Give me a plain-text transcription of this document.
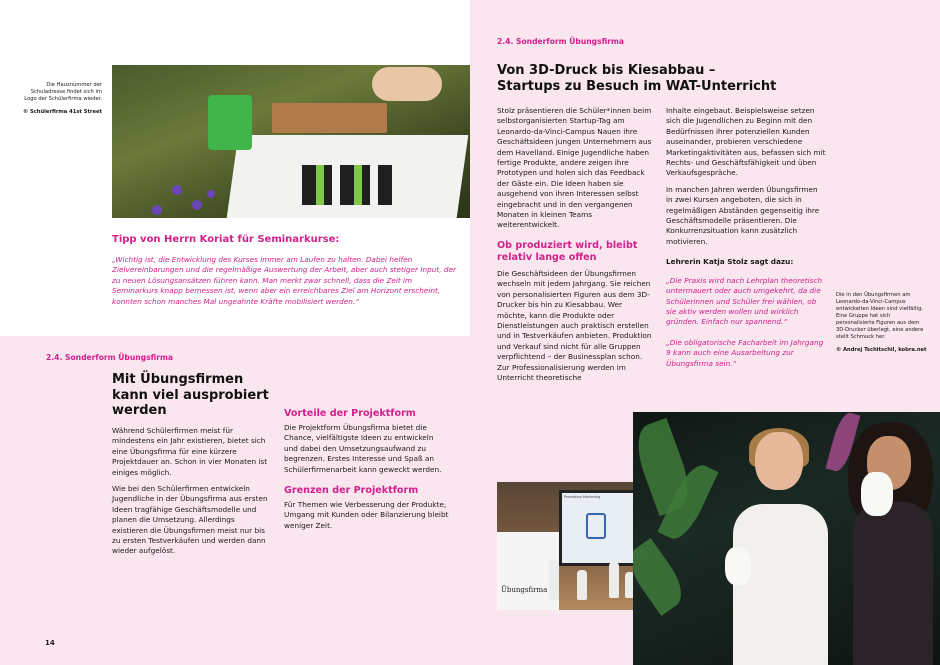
Die Hausnummer der Schuladresse findet sich im Logo der Schülerfirma wieder.
© Schülerfirma 41st Street
Tipp von Herrn Koriat für Seminarkurse:
„Wichtig ist, die Entwicklung des Kurses immer am Laufen zu halten. Dabei helfen Zielvereinbarungen und die regelmäßige Auswertung der Arbeit, aber auch stetiger Input, der zu neuen Lösungsansätzen führen kann. Man merkt zwar schnell, dass die Zeit im Seminarkurs knapp bemessen ist, wenn aber ein erreichbares Ziel am Horizont erscheint, konnten schon manches Mal ungeahnte Kräfte mobilisiert werden.“
2.4. Sonderform Übungsfirma
Mit Übungsfirmen kann viel ausprobiert werden

Während Schülerfirmen meist für mindestens ein Jahr existieren, bietet sich eine Übungsfirma für eine kürzere Projektdauer an. Schon in vier Monaten ist einiges möglich.

Wie bei den Schülerfirmen entwickeln Jugendliche in der Übungsfirma aus ersten Ideen tragfähige Geschäftsmodelle und planen die Umsetzung. Allerdings existieren die Übungsfirmen meist nur bis zu ersten Testverkäufen und werden dann wieder aufgelöst.

Vorteile der Projektform
Die Projektform Übungsfirma bietet die Chance, vielfältigste Ideen zu entwickeln und dabei den Umsetzungsaufwand zu begrenzen. Erstes Interesse und Spaß an Schülerfirmenarbeit kann geweckt werden.
Grenzen der Projektform
Für Themen wie Verbesserung der Produkte, Umgang mit Kunden oder Bilanzierung bleibt weniger Zeit.
14
2.4. Sonderform Übungsfirma
Von 3D-Druck bis Kiesabbau –
Startups zu Besuch im WAT-Unterricht
Stolz präsentieren die Schüler*innen beim selbstorganisierten Startup-Tag am Leonardo-da-Vinci-Campus Nauen ihre Geschäftsideen jungen Unternehmern aus dem Havelland. Einige Jugendliche haben fertige Produkte, andere zeigen ihre Prototypen und holen sich das Feedback der Gäste ein. Die Ideen haben sie ausgehend von ihren Interessen selbst eingebracht und in den vergangenen Monaten in kleinen Teams weiterentwickelt.
Ob produziert wird, bleibt relativ lange offen
Die Geschäftsideen der Übungsfirmen wechseln mit jedem Jahrgang. Sie reichen von personalisierten Figuren aus dem 3D-Drucker bis hin zu Kiesabbau. Wer möchte, kann die Produkte oder Dienstleistungen auch praktisch erstellen und in Testverkäufen anbieten. Produktion und Verkauf sind nicht für alle Gruppen verpflichtend – der Businessplan schon. Zur Professionalisierung werden im Unterricht theoretische

Inhalte eingebaut. Beispielsweise setzen sich die Jugendlichen zu Beginn mit den Bedürfnissen ihrer potenziellen Kunden auseinander, probieren verschiedene Marketingaktivitäten aus, befassen sich mit Rechts- und Geschäftsfähigkeit und üben Verkaufsgespräche.

In manchen Jahren werden Übungsfirmen in zwei Kursen angeboten, die sich in regelmäßigen Abständen gegenseitig ihre Geschäftsmodelle präsentieren. Die Konkurrenzsituation kann zusätzlich motivieren.

Lehrerin Katja Stolz sagt dazu:

„Die Praxis wird nach Lehrplan theoretisch untermauert oder auch umgekehrt, da die Schülerinnen und Schüler frei wählen, ob sie aktiv werden wollen und wirklich gründen. Einfach nur spannend.“

„Die obligatorische Facharbeit im Jahrgang 9 kann auch eine Ausarbeitung zur Übungsfirma sein.“

Die in den Übungsfirmen am Leonardo-da-Vinci-Campus entwickelten Ideen sind vielfältig. Eine Gruppe hat sich personalisierte Figuren aus dem 3D-Drucker überlegt, eine andere stellt Schmuck her.
© Andrej Tschitschil, kobra.net
Übungsfirma
Promotion Marketing
